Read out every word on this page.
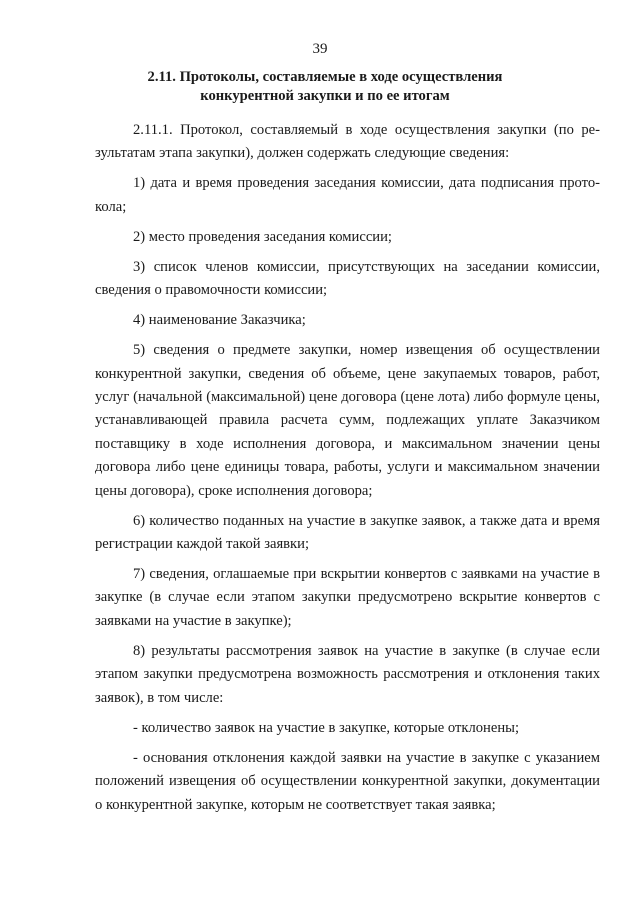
39
2.11. Протоколы, составляемые в ходе осуществления
конкурентной закупки и по ее итогам

2.11.1. Протокол, составляемый в ходе осуществления закупки (по результатам этапа закупки), должен содержать следующие сведения:

1) дата и время проведения заседания комиссии, дата подписания протокола;

2) место проведения заседания комиссии;

3) список членов комиссии, присутствующих на заседании комиссии, сведения о правомочности комиссии;

4) наименование Заказчика;

5) сведения о предмете закупки, номер извещения об осуществлении конкурентной закупки, сведения об объеме, цене закупаемых товаров, работ, услуг (начальной (максимальной) цене договора (цене лота) либо формуле цены, устанавливающей правила расчета сумм, подлежащих уплате Заказчиком поставщику в ходе исполнения договора, и максимальном значении цены договора либо цене единицы товара, работы, услуги и максимальном значении цены договора), сроке исполнения договора;

6) количество поданных на участие в закупке заявок, а также дата и время регистрации каждой такой заявки;

7) сведения, оглашаемые при вскрытии конвертов с заявками на участие в закупке (в случае если этапом закупки предусмотрено вскрытие конвертов с заявками на участие в закупке);

8) результаты рассмотрения заявок на участие в закупке (в случае если этапом закупки предусмотрена возможность рассмотрения и отклонения таких заявок), в том числе:

- количество заявок на участие в закупке, которые отклонены;

- основания отклонения каждой заявки на участие в закупке с указанием положений извещения об осуществлении конкурентной закупки, документации о конкурентной закупке, которым не соответствует такая заявка;
